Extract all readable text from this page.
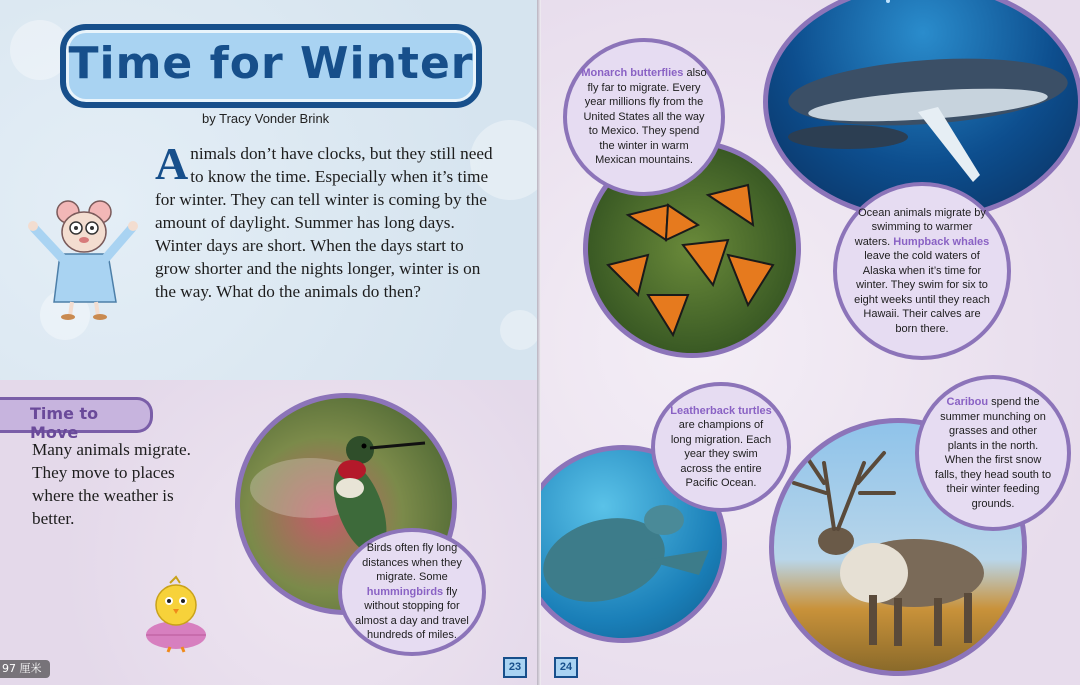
Time for Winter
by Tracy Vonder Brink
Animals don’t have clocks, but they still need to know the time. Especially when it’s time for winter. They can tell winter is coming by the amount of daylight. Summer has long days. Winter days are short. When the days start to grow shorter and the nights longer, winter is on the way. What do the animals do then?
Time to Move
Many animals migrate. They move to places where the weather is better.
Birds often fly long distances when they migrate. Some hummingbirds fly without stopping for almost a day and travel hundreds of miles.
23
97 厘米
Monarch butterflies also fly far to migrate. Every year millions fly from the United States all the way to Mexico. They spend the winter in warm Mexican mountains.
Ocean animals migrate by swimming to warmer waters. Humpback whales leave the cold waters of Alaska when it’s time for winter. They swim for six to eight weeks until they reach Hawaii. Their calves are born there.
Leatherback turtles are champions of long migration. Each year they swim across the entire Pacific Ocean.
Caribou spend the summer munching on grasses and other plants in the north. When the first snow falls, they head south to their winter feeding grounds.
24
